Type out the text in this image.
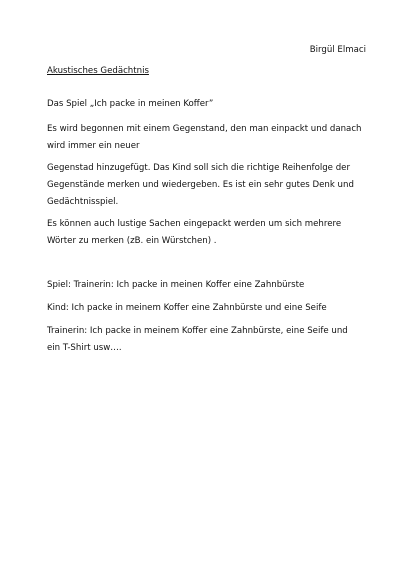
Birgül Elmaci

Akustisches Gedächtnis

Das Spiel „Ich packe in meinen Koffer”

Es wird begonnen mit einem Gegenstand, den man einpackt und danach
wird immer ein neuer

Gegenstad hinzugefügt. Das Kind soll sich die richtige Reihenfolge der
Gegenstände merken und wiedergeben. Es ist ein sehr gutes Denk und
Gedächtnisspiel.

Es können auch lustige Sachen eingepackt werden um sich mehrere
Wörter zu merken (zB. ein Würstchen) .

Spiel: Trainerin: Ich packe in meinen Koffer eine Zahnbürste

Kind: Ich packe in meinem Koffer eine Zahnbürste und eine Seife

Trainerin: Ich packe in meinem Koffer eine Zahnbürste, eine Seife und
ein T-Shirt usw….
